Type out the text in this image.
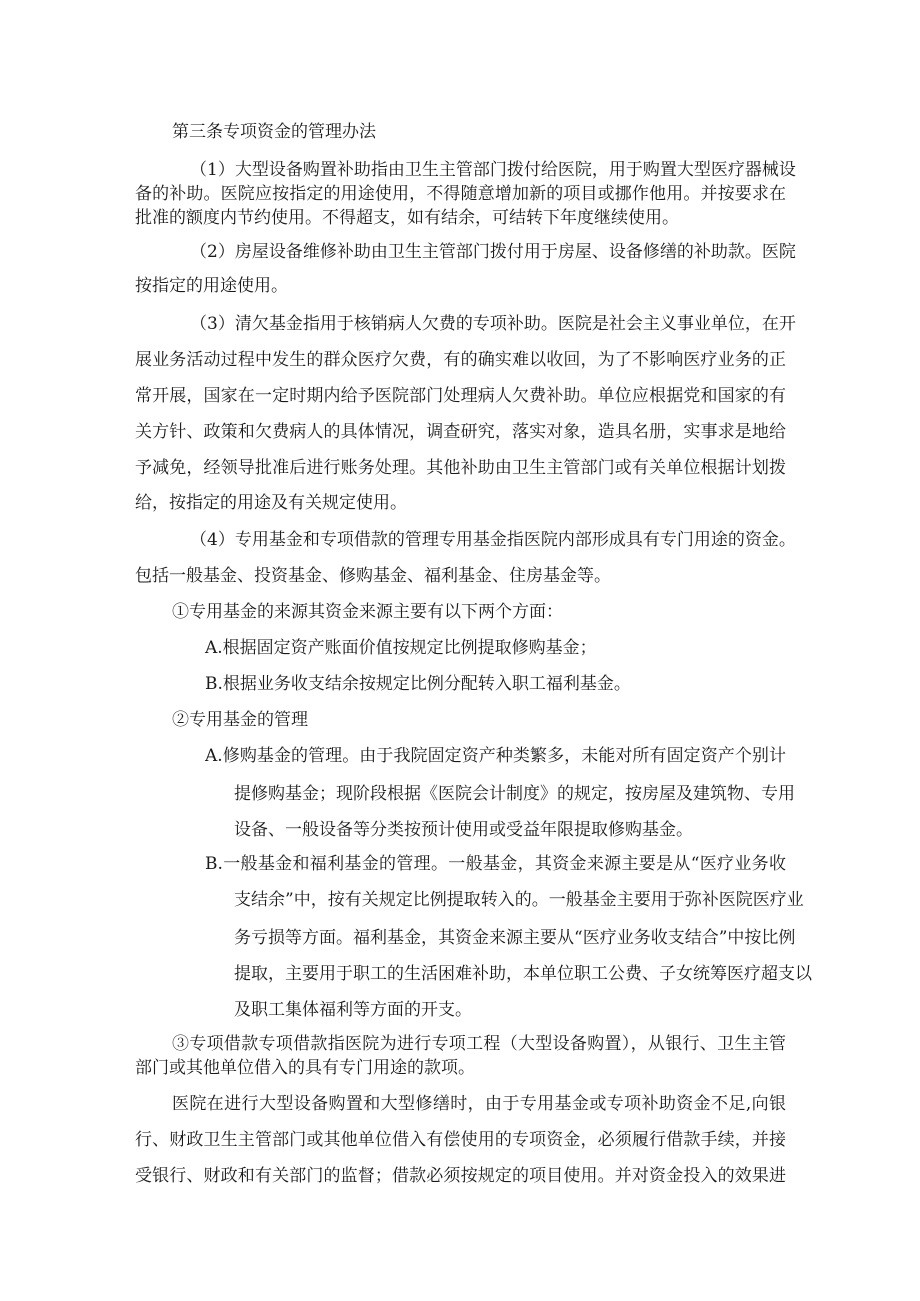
第三条专项资金的管理办法
（1）大型设备购置补助指由卫生主管部门拨付给医院，用于购置大型医疗器械设
备的补助。医院应按指定的用途使用，不得随意增加新的项目或挪作他用。并按要求在
批准的额度内节约使用。不得超支，如有结余，可结转下年度继续使用。
（2）房屋设备维修补助由卫生主管部门拨付用于房屋、设备修缮的补助款。医院
按指定的用途使用。
（3）清欠基金指用于核销病人欠费的专项补助。医院是社会主义事业单位，在开
展业务活动过程中发生的群众医疗欠费，有的确实难以收回，为了不影响医疗业务的正
常开展，国家在一定时期内给予医院部门处理病人欠费补助。单位应根据党和国家的有
关方针、政策和欠费病人的具体情况，调查研究，落实对象，造具名册，实事求是地给
予减免，经领导批准后进行账务处理。其他补助由卫生主管部门或有关单位根据计划拨
给，按指定的用途及有关规定使用。
（4）专用基金和专项借款的管理专用基金指医院内部形成具有专门用途的资金。
包括一般基金、投资基金、修购基金、福利基金、住房基金等。
①专用基金的来源其资金来源主要有以下两个方面：
A.根据固定资产账面价值按规定比例提取修购基金；
B.根据业务收支结余按规定比例分配转入职工福利基金。
②专用基金的管理
A.修购基金的管理。由于我院固定资产种类繁多，未能对所有固定资产个别计
提修购基金；现阶段根据《医院会计制度》的规定，按房屋及建筑物、专用
设备、一般设备等分类按预计使用或受益年限提取修购基金。
B.一般基金和福利基金的管理。一般基金，其资金来源主要是从“医疗业务收
支结余”中，按有关规定比例提取转入的。一般基金主要用于弥补医院医疗业
务亏损等方面。福利基金，其资金来源主要从“医疗业务收支结合”中按比例
提取，主要用于职工的生活困难补助，本单位职工公费、子女统筹医疗超支以
及职工集体福利等方面的开支。
③专项借款专项借款指医院为进行专项工程（大型设备购置），从银行、卫生主管
部门或其他单位借入的具有专门用途的款项。
医院在进行大型设备购置和大型修缮时，由于专用基金或专项补助资金不足,向银
行、财政卫生主管部门或其他单位借入有偿使用的专项资金，必须履行借款手续，并接
受银行、财政和有关部门的监督；借款必须按规定的项目使用。并对资金投入的效果进
